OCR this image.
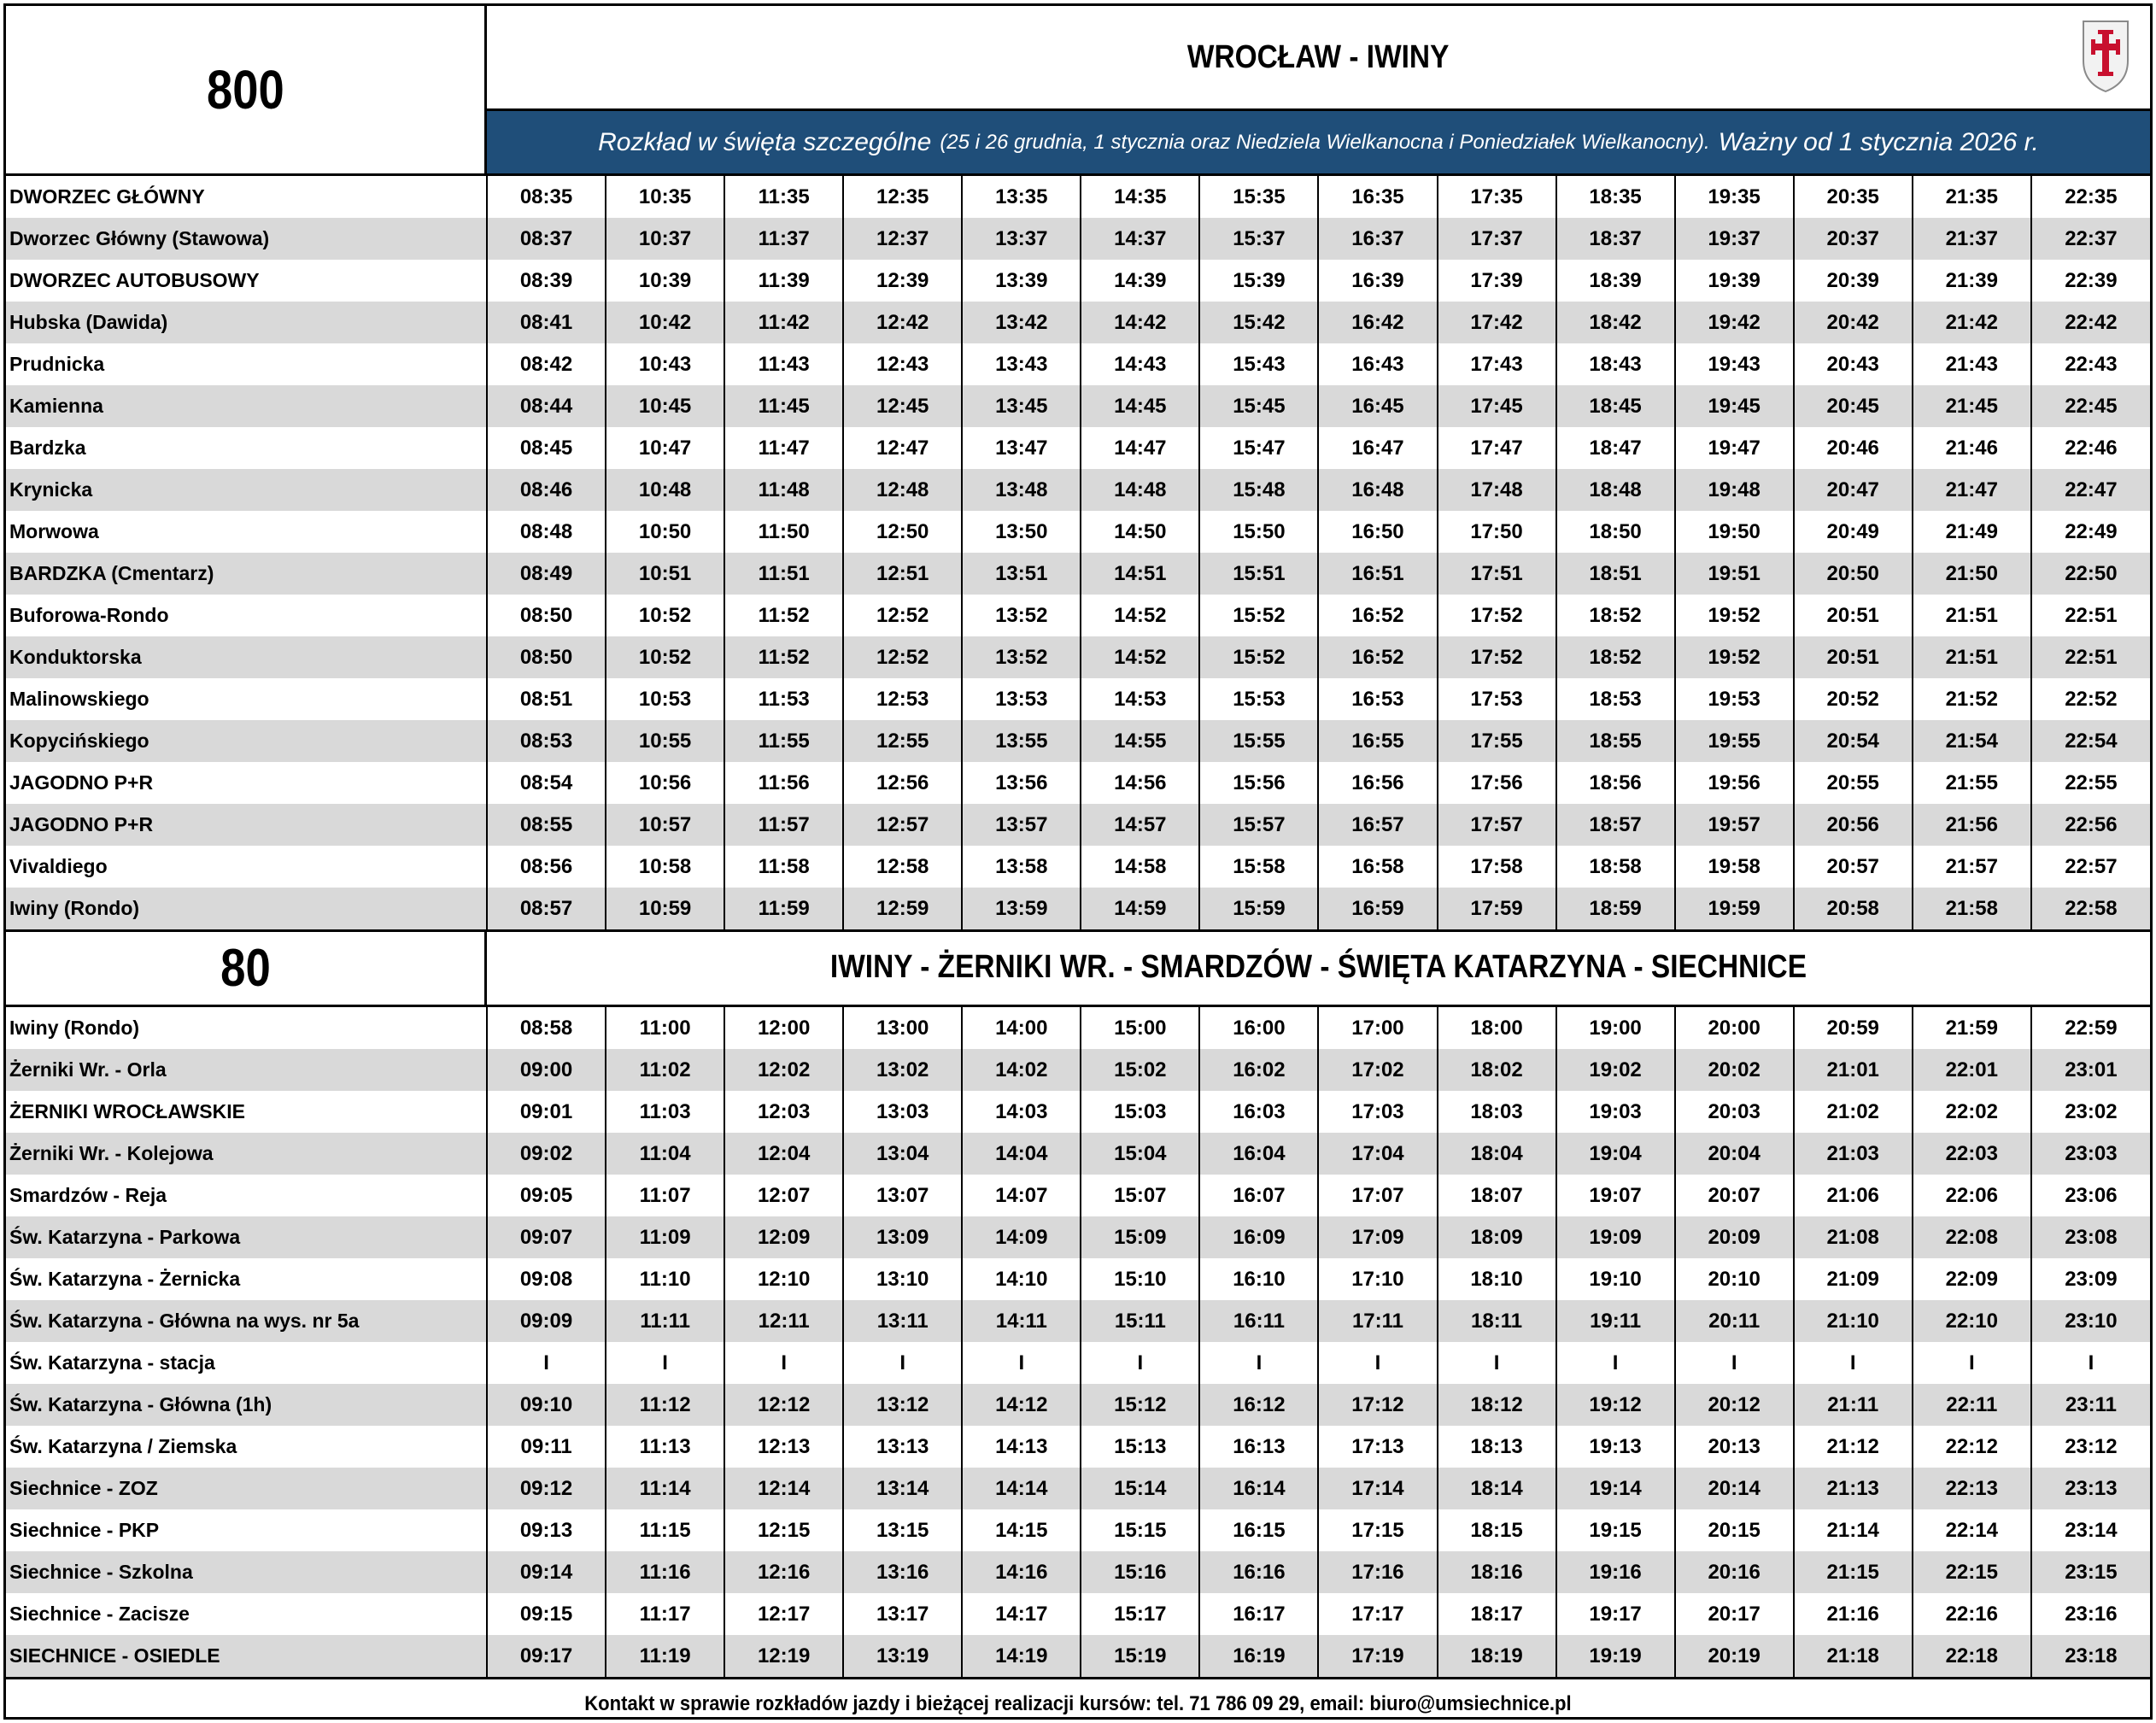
800
WROCŁAW - IWINY
Rozkład w święta szczególne (25 i 26 grudnia, 1 stycznia oraz Niedziela Wielkanocna i Poniedziałek Wielkanocny). Ważny od 1 stycznia 2026 r.
DWORZEC GŁÓWNY	08:35	10:35	11:35	12:35	13:35	14:35	15:35	16:35	17:35	18:35	19:35	20:35	21:35	22:35
Dworzec Główny (Stawowa)	08:37	10:37	11:37	12:37	13:37	14:37	15:37	16:37	17:37	18:37	19:37	20:37	21:37	22:37
DWORZEC AUTOBUSOWY	08:39	10:39	11:39	12:39	13:39	14:39	15:39	16:39	17:39	18:39	19:39	20:39	21:39	22:39
Hubska (Dawida)	08:41	10:42	11:42	12:42	13:42	14:42	15:42	16:42	17:42	18:42	19:42	20:42	21:42	22:42
Prudnicka	08:42	10:43	11:43	12:43	13:43	14:43	15:43	16:43	17:43	18:43	19:43	20:43	21:43	22:43
Kamienna	08:44	10:45	11:45	12:45	13:45	14:45	15:45	16:45	17:45	18:45	19:45	20:45	21:45	22:45
Bardzka	08:45	10:47	11:47	12:47	13:47	14:47	15:47	16:47	17:47	18:47	19:47	20:46	21:46	22:46
Krynicka	08:46	10:48	11:48	12:48	13:48	14:48	15:48	16:48	17:48	18:48	19:48	20:47	21:47	22:47
Morwowa	08:48	10:50	11:50	12:50	13:50	14:50	15:50	16:50	17:50	18:50	19:50	20:49	21:49	22:49
BARDZKA (Cmentarz)	08:49	10:51	11:51	12:51	13:51	14:51	15:51	16:51	17:51	18:51	19:51	20:50	21:50	22:50
Buforowa-Rondo	08:50	10:52	11:52	12:52	13:52	14:52	15:52	16:52	17:52	18:52	19:52	20:51	21:51	22:51
Konduktorska	08:50	10:52	11:52	12:52	13:52	14:52	15:52	16:52	17:52	18:52	19:52	20:51	21:51	22:51
Malinowskiego	08:51	10:53	11:53	12:53	13:53	14:53	15:53	16:53	17:53	18:53	19:53	20:52	21:52	22:52
Kopycińskiego	08:53	10:55	11:55	12:55	13:55	14:55	15:55	16:55	17:55	18:55	19:55	20:54	21:54	22:54
JAGODNO P+R	08:54	10:56	11:56	12:56	13:56	14:56	15:56	16:56	17:56	18:56	19:56	20:55	21:55	22:55
JAGODNO P+R	08:55	10:57	11:57	12:57	13:57	14:57	15:57	16:57	17:57	18:57	19:57	20:56	21:56	22:56
Vivaldiego	08:56	10:58	11:58	12:58	13:58	14:58	15:58	16:58	17:58	18:58	19:58	20:57	21:57	22:57
Iwiny (Rondo)	08:57	10:59	11:59	12:59	13:59	14:59	15:59	16:59	17:59	18:59	19:59	20:58	21:58	22:58
80	IWINY - ŻERNIKI WR. - SMARDZÓW - ŚWIĘTA KATARZYNA - SIECHNICE
Iwiny (Rondo)	08:58	11:00	12:00	13:00	14:00	15:00	16:00	17:00	18:00	19:00	20:00	20:59	21:59	22:59
Żerniki Wr. - Orla	09:00	11:02	12:02	13:02	14:02	15:02	16:02	17:02	18:02	19:02	20:02	21:01	22:01	23:01
ŻERNIKI WROCŁAWSKIE	09:01	11:03	12:03	13:03	14:03	15:03	16:03	17:03	18:03	19:03	20:03	21:02	22:02	23:02
Żerniki Wr. - Kolejowa	09:02	11:04	12:04	13:04	14:04	15:04	16:04	17:04	18:04	19:04	20:04	21:03	22:03	23:03
Smardzów - Reja	09:05	11:07	12:07	13:07	14:07	15:07	16:07	17:07	18:07	19:07	20:07	21:06	22:06	23:06
Św. Katarzyna - Parkowa	09:07	11:09	12:09	13:09	14:09	15:09	16:09	17:09	18:09	19:09	20:09	21:08	22:08	23:08
Św. Katarzyna - Żernicka	09:08	11:10	12:10	13:10	14:10	15:10	16:10	17:10	18:10	19:10	20:10	21:09	22:09	23:09
Św. Katarzyna - Główna na wys. nr 5a	09:09	11:11	12:11	13:11	14:11	15:11	16:11	17:11	18:11	19:11	20:11	21:10	22:10	23:10
Św. Katarzyna - stacja	I	I	I	I	I	I	I	I	I	I	I	I	I	I
Św. Katarzyna - Główna (1h)	09:10	11:12	12:12	13:12	14:12	15:12	16:12	17:12	18:12	19:12	20:12	21:11	22:11	23:11
Św. Katarzyna / Ziemska	09:11	11:13	12:13	13:13	14:13	15:13	16:13	17:13	18:13	19:13	20:13	21:12	22:12	23:12
Siechnice - ZOZ	09:12	11:14	12:14	13:14	14:14	15:14	16:14	17:14	18:14	19:14	20:14	21:13	22:13	23:13
Siechnice - PKP	09:13	11:15	12:15	13:15	14:15	15:15	16:15	17:15	18:15	19:15	20:15	21:14	22:14	23:14
Siechnice - Szkolna	09:14	11:16	12:16	13:16	14:16	15:16	16:16	17:16	18:16	19:16	20:16	21:15	22:15	23:15
Siechnice - Zacisze	09:15	11:17	12:17	13:17	14:17	15:17	16:17	17:17	18:17	19:17	20:17	21:16	22:16	23:16
SIECHNICE - OSIEDLE	09:17	11:19	12:19	13:19	14:19	15:19	16:19	17:19	18:19	19:19	20:19	21:18	22:18	23:18
Kontakt w sprawie rozkładów jazdy i bieżącej realizacji kursów: tel. 71 786 09 29, email: biuro@umsiechnice.pl
